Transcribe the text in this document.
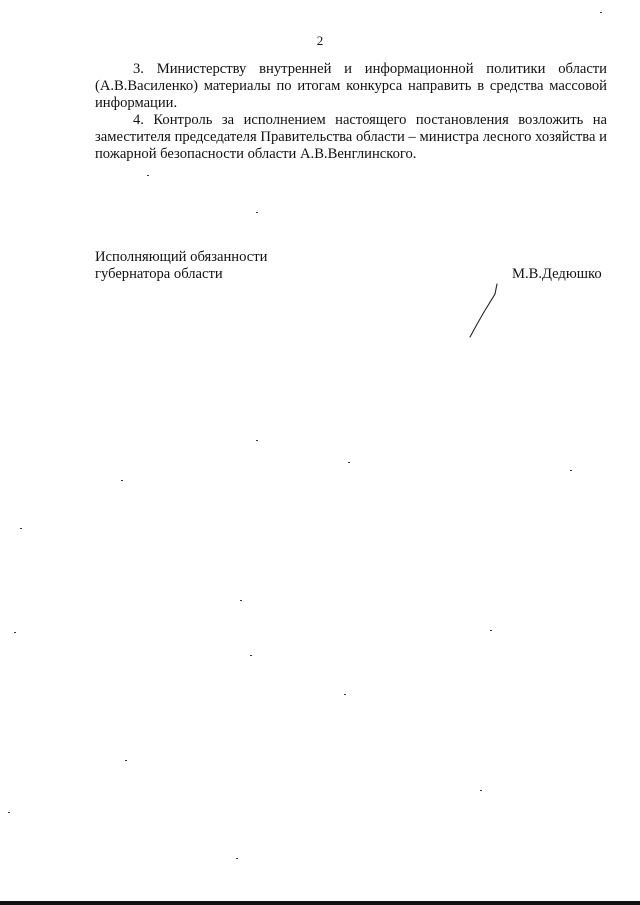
2

3. Министерству внутренней и информационной политики области (А.В.Василенко) материалы по итогам конкурса направить в средства массовой информации.

4. Контроль за исполнением настоящего постановления возложить на заместителя председателя Правительства области – министра лесного хозяйства и пожарной безопасности области А.В.Венглинского.

Исполняющий обязанности
губернатора области	М.В.Дедюшко
